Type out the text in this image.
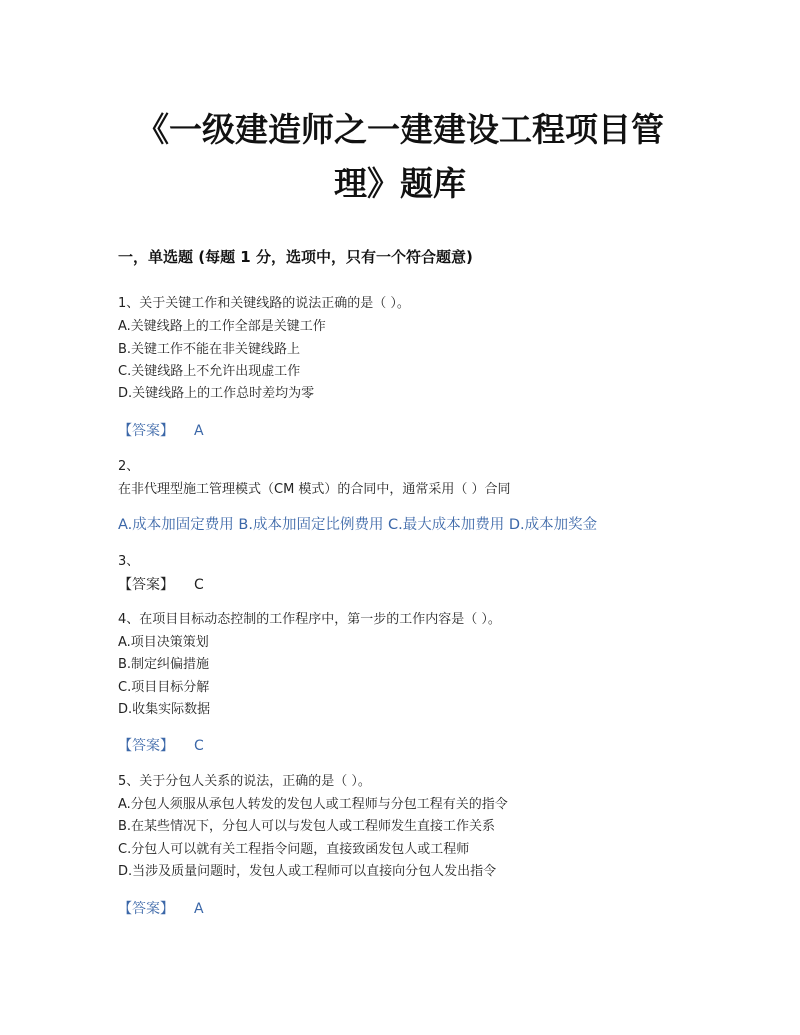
《一级建造师之一建建设工程项目管
理》题库
一，单选题 (每题 1 分，选项中，只有一个符合题意)

1、关于关键工作和关键线路的说法正确的是（ ）。

A.关键线路上的工作全部是关键工作

B.关键工作不能在非关键线路上

C.关键线路上不允许出现虚工作

D.关键线路上的工作总时差均为零

【答案】 A

2、

在非代理型施工管理模式（CM 模式）的合同中，通常采用（ ）合同

A.成本加固定费用 B.成本加固定比例费用 C.最大成本加费用 D.成本加奖金

3、

【答案】 C

4、在项目目标动态控制的工作程序中，第一步的工作内容是（ ）。

A.项目决策策划

B.制定纠偏措施

C.项目目标分解

D.收集实际数据

【答案】 C

5、关于分包人关系的说法，正确的是（ ）。

A.分包人须服从承包人转发的发包人或工程师与分包工程有关的指令

B.在某些情况下，分包人可以与发包人或工程师发生直接工作关系

C.分包人可以就有关工程指令问题，直接致函发包人或工程师

D.当涉及质量问题时，发包人或工程师可以直接向分包人发出指令

【答案】 A
